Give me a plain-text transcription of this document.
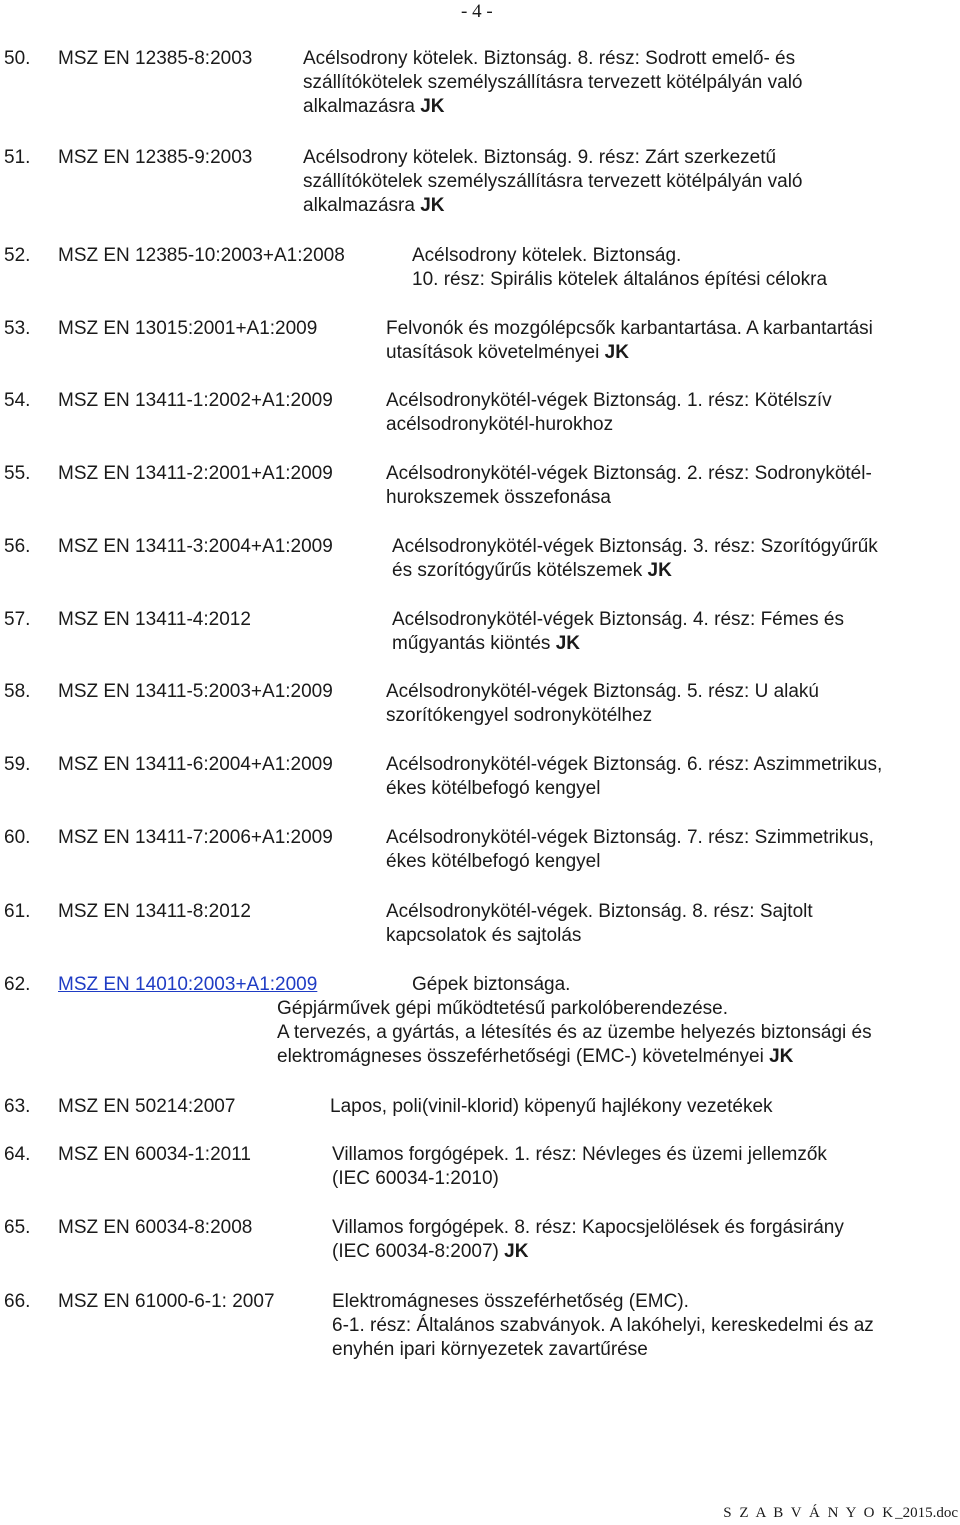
- 4 -
50. MSZ EN 12385-8:2003	Acélsodrony kötelek. Biztonság. 8. rész: Sodrott emelő- és
szállítókötelek személyszállításra tervezett kötélpályán való
alkalmazásra JK
51. MSZ EN 12385-9:2003	Acélsodrony kötelek. Biztonság. 9. rész: Zárt szerkezetű
szállítókötelek személyszállításra tervezett kötélpályán való
alkalmazásra JK
52. MSZ EN 12385-10:2003+A1:2008	Acélsodrony kötelek. Biztonság.
10. rész: Spirális kötelek általános építési célokra
53. MSZ EN 13015:2001+A1:2009	Felvonók és mozgólépcsők karbantartása. A karbantartási
utasítások követelményei JK
54. MSZ EN 13411-1:2002+A1:2009	Acélsodronykötél-végek Biztonság. 1. rész: Kötélszív
acélsodronykötél-hurokhoz
55. MSZ EN 13411-2:2001+A1:2009	Acélsodronykötél-végek Biztonság. 2. rész: Sodronykötél-
hurokszemek összefonása
56. MSZ EN 13411-3:2004+A1:2009	Acélsodronykötél-végek Biztonság. 3. rész: Szorítógyűrűk
és szorítógyűrűs kötélszemek JK
57. MSZ EN 13411-4:2012	Acélsodronykötél-végek Biztonság. 4. rész: Fémes és
műgyantás kiöntés JK
58. MSZ EN 13411-5:2003+A1:2009	Acélsodronykötél-végek Biztonság. 5. rész: U alakú
szorítókengyel sodronykötélhez
59. MSZ EN 13411-6:2004+A1:2009	Acélsodronykötél-végek Biztonság. 6. rész: Aszimmetrikus,
ékes kötélbefogó kengyel
60. MSZ EN 13411-7:2006+A1:2009	Acélsodronykötél-végek Biztonság. 7. rész: Szimmetrikus,
ékes kötélbefogó kengyel
61. MSZ EN 13411-8:2012	Acélsodronykötél-végek. Biztonság. 8. rész: Sajtolt
kapcsolatok és sajtolás
62. MSZ EN 14010:2003+A1:2009	Gépek biztonsága.
Gépjárművek gépi működtetésű parkolóberendezése.
A tervezés, a gyártás, a létesítés és az üzembe helyezés biztonsági és
elektromágneses összeférhetőségi (EMC-) követelményei JK
63. MSZ EN 50214:2007	Lapos, poli(vinil-klorid) köpenyű hajlékony vezetékek
64. MSZ EN 60034-1:2011	Villamos forgógépek. 1. rész: Névleges és üzemi jellemzők
(IEC 60034-1:2010)
65. MSZ EN 60034-8:2008	Villamos forgógépek. 8. rész: Kapocsjelölések és forgásirány
(IEC 60034-8:2007) JK
66. MSZ EN 61000-6-1: 2007	Elektromágneses összeférhetőség (EMC).
6-1. rész: Általános szabványok. A lakóhelyi, kereskedelmi és az
enyhén ipari környezetek zavartűrése
S Z A B V Á N Y O K_2015.doc
